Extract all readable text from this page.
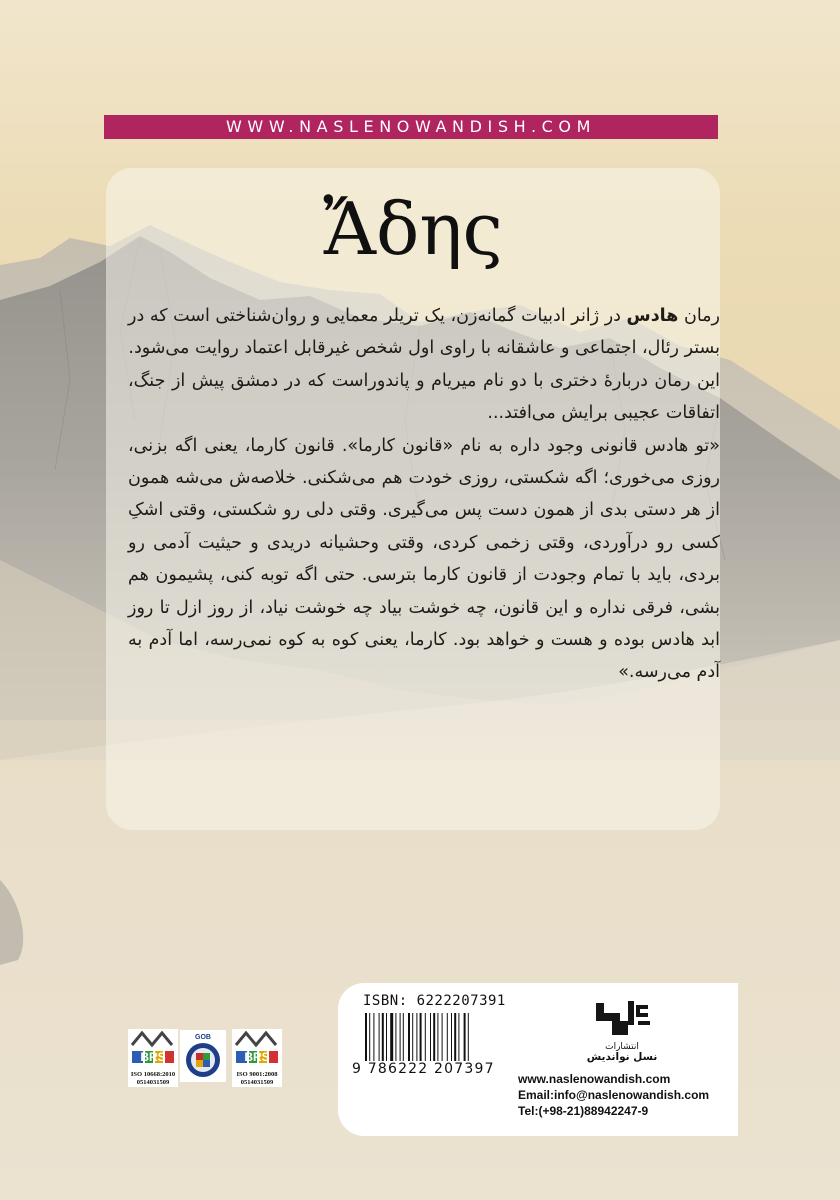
WWW.NASLENOWANDISH.COM
Ἄδης

رمان هادس در ژانر ادبیات گمانه‌زن، یک تریلر معمایی و روان‌شناختی است که در بستر رئال، اجتماعی و عاشقانه با راوی اول شخص غیرقابل اعتماد روایت می‌شود.

این رمان دربارهٔ دختری با دو نام میریام و پاندوراست که در دمشق پیش از جنگ، اتفاقات عجیبی برایش می‌افتد...

«تو هادس قانونی وجود داره به نام «قانون کارما». قانون کارما، یعنی اگه بزنی، روزی می‌خوری؛ اگه شکستی، روزی خودت هم می‌شکنی. خلاصه‌ش می‌شه همون از هر دستی بدی از همون دست پس می‌گیری. وقتی دلی رو شکستی، وقتی اشکِ کسی رو درآوردی، وقتی زخمی کردی، وقتی وحشیانه دریدی و حیثیت آدمی رو بردی، باید با تمام وجودت از قانون کارما بترسی. حتی اگه توبه کنی، پشیمون هم بشی، فرقی نداره و این قانون، چه خوشت بیاد چه خوشت نیاد، از روز ازل تا روز ابد هادس بوده و هست و خواهد بود. کارما، یعنی کوه به کوه نمی‌رسه، اما آدم به آدم می‌رسه.»

BRS
ISO 10668:2010
0514031509
GOB
BRS
ISO 9001:2008
0514031509
ISBN: 6222207391
9 786222 207397
انتشارات
نسل نواندیش
www.naslenowandish.com
Email:info@naslenowandish.com
Tel:(+98-21)88942247-9
